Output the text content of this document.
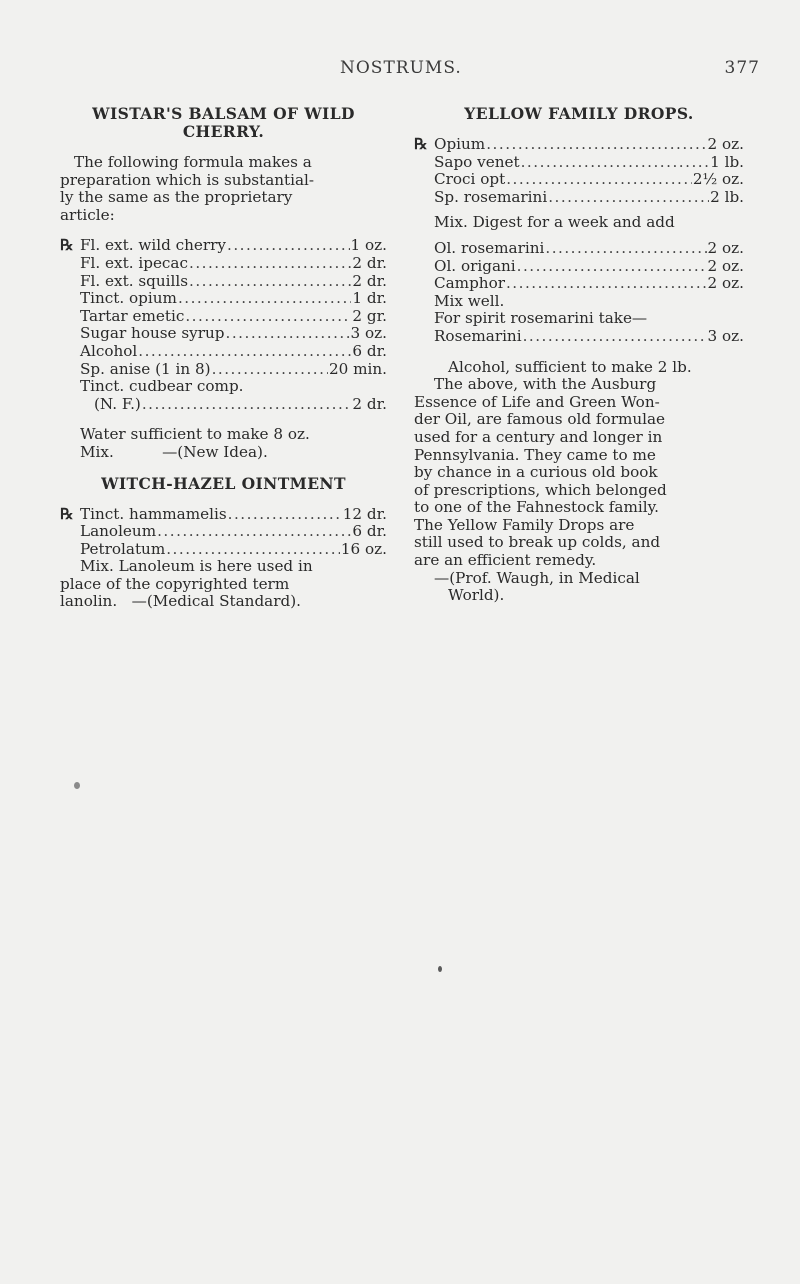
NOSTRUMS.	377
WISTAR'S BALSAM OF WILD
CHERRY.
The following formula makes a
preparation which is substantial-
ly the same as the proprietary
article:
℞ Fl. ext. wild cherry .....	1 oz.
Fl. ext. ipecac .....	2 dr.
Fl. ext. squills .....	2 dr.
Tinct. opium .....	1 dr.
Tartar emetic .....	2 gr.
Sugar house syrup .....	3 oz.
Alcohol .....	6 dr.
Sp. anise (1 in 8) .....	20 min.
Tinct. cudbear comp.
(N. F.) .....	2 dr.
Water sufficient to make 8 oz.
Mix.          —(New Idea).
WITCH-HAZEL OINTMENT
℞ Tinct. hammamelis .....	12 dr.
Lanoleum .....	6 dr.
Petrolatum .....	16 oz.
Mix. Lanoleum is here used in
place of the copyrighted term
lanolin.   —(Medical Standard).
YELLOW FAMILY DROPS.
℞ Opium .....	2 oz.
Sapo venet .....	1 lb.
Croci opt .....	2½ oz.
Sp. rosemarini .....	2 lb.
Mix. Digest for a week and add
Ol. rosemarini .....	2 oz.
Ol. origani .....	2 oz.
Camphor .....	2 oz.
Mix well.
For spirit rosemarini take—
Rosemarini .....	3 oz.
Alcohol, sufficient to make 2 lb.
The above, with the Ausburg
Essence of Life and Green Won-
der Oil, are famous old formulae
used for a century and longer in
Pennsylvania. They came to me
by chance in a curious old book
of prescriptions, which belonged
to one of the Fahnestock family.
The Yellow Family Drops are
still used to break up colds, and
are an efficient remedy.
—(Prof. Waugh, in Medical
World).
